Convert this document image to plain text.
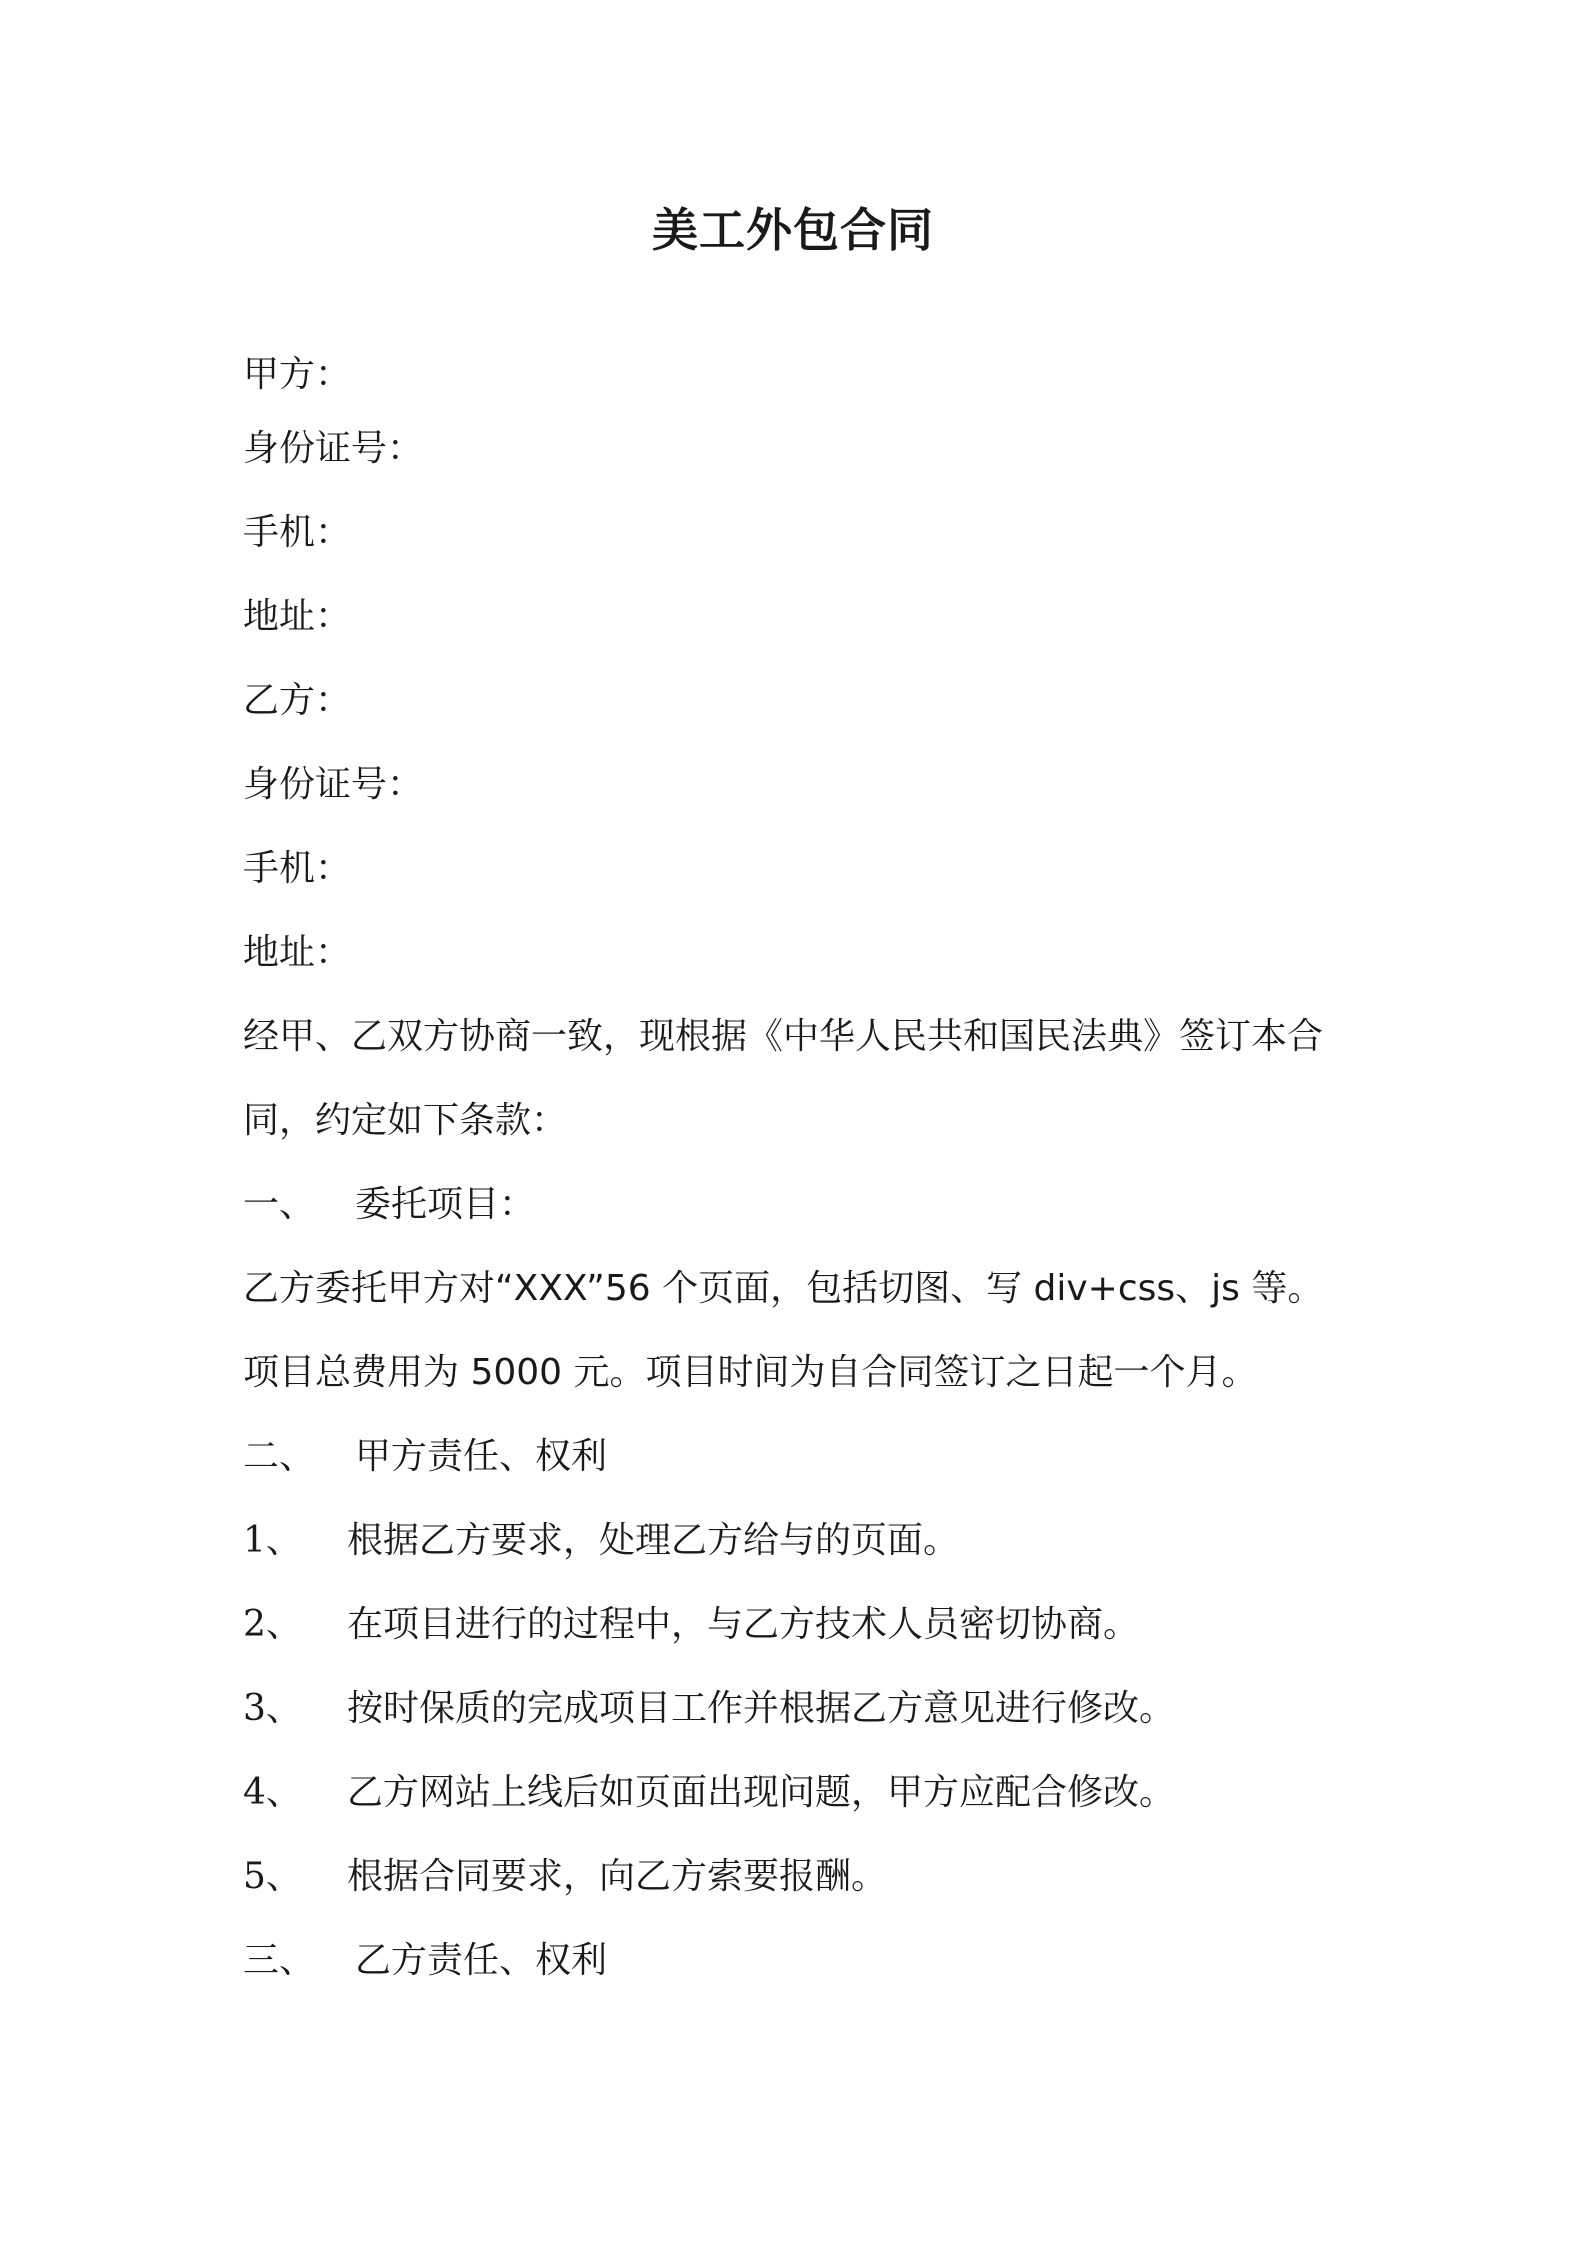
美工外包合同
甲方：
身份证号：
手机：
地址：
乙方：
身份证号：
手机：
地址：
经甲、乙双方协商一致，现根据《中华人民共和国民法典》签订本合
同，约定如下条款：
一、 委托项目：
乙方委托甲方对“XXX”56 个页面，包括切图、写 div+css、js 等。
项目总费用为 5000 元。项目时间为自合同签订之日起一个月。
二、 甲方责任、权利
1、 根据乙方要求，处理乙方给与的页面。
2、 在项目进行的过程中，与乙方技术人员密切协商。
3、 按时保质的完成项目工作并根据乙方意见进行修改。
4、 乙方网站上线后如页面出现问题，甲方应配合修改。
5、 根据合同要求，向乙方索要报酬。
三、 乙方责任、权利
